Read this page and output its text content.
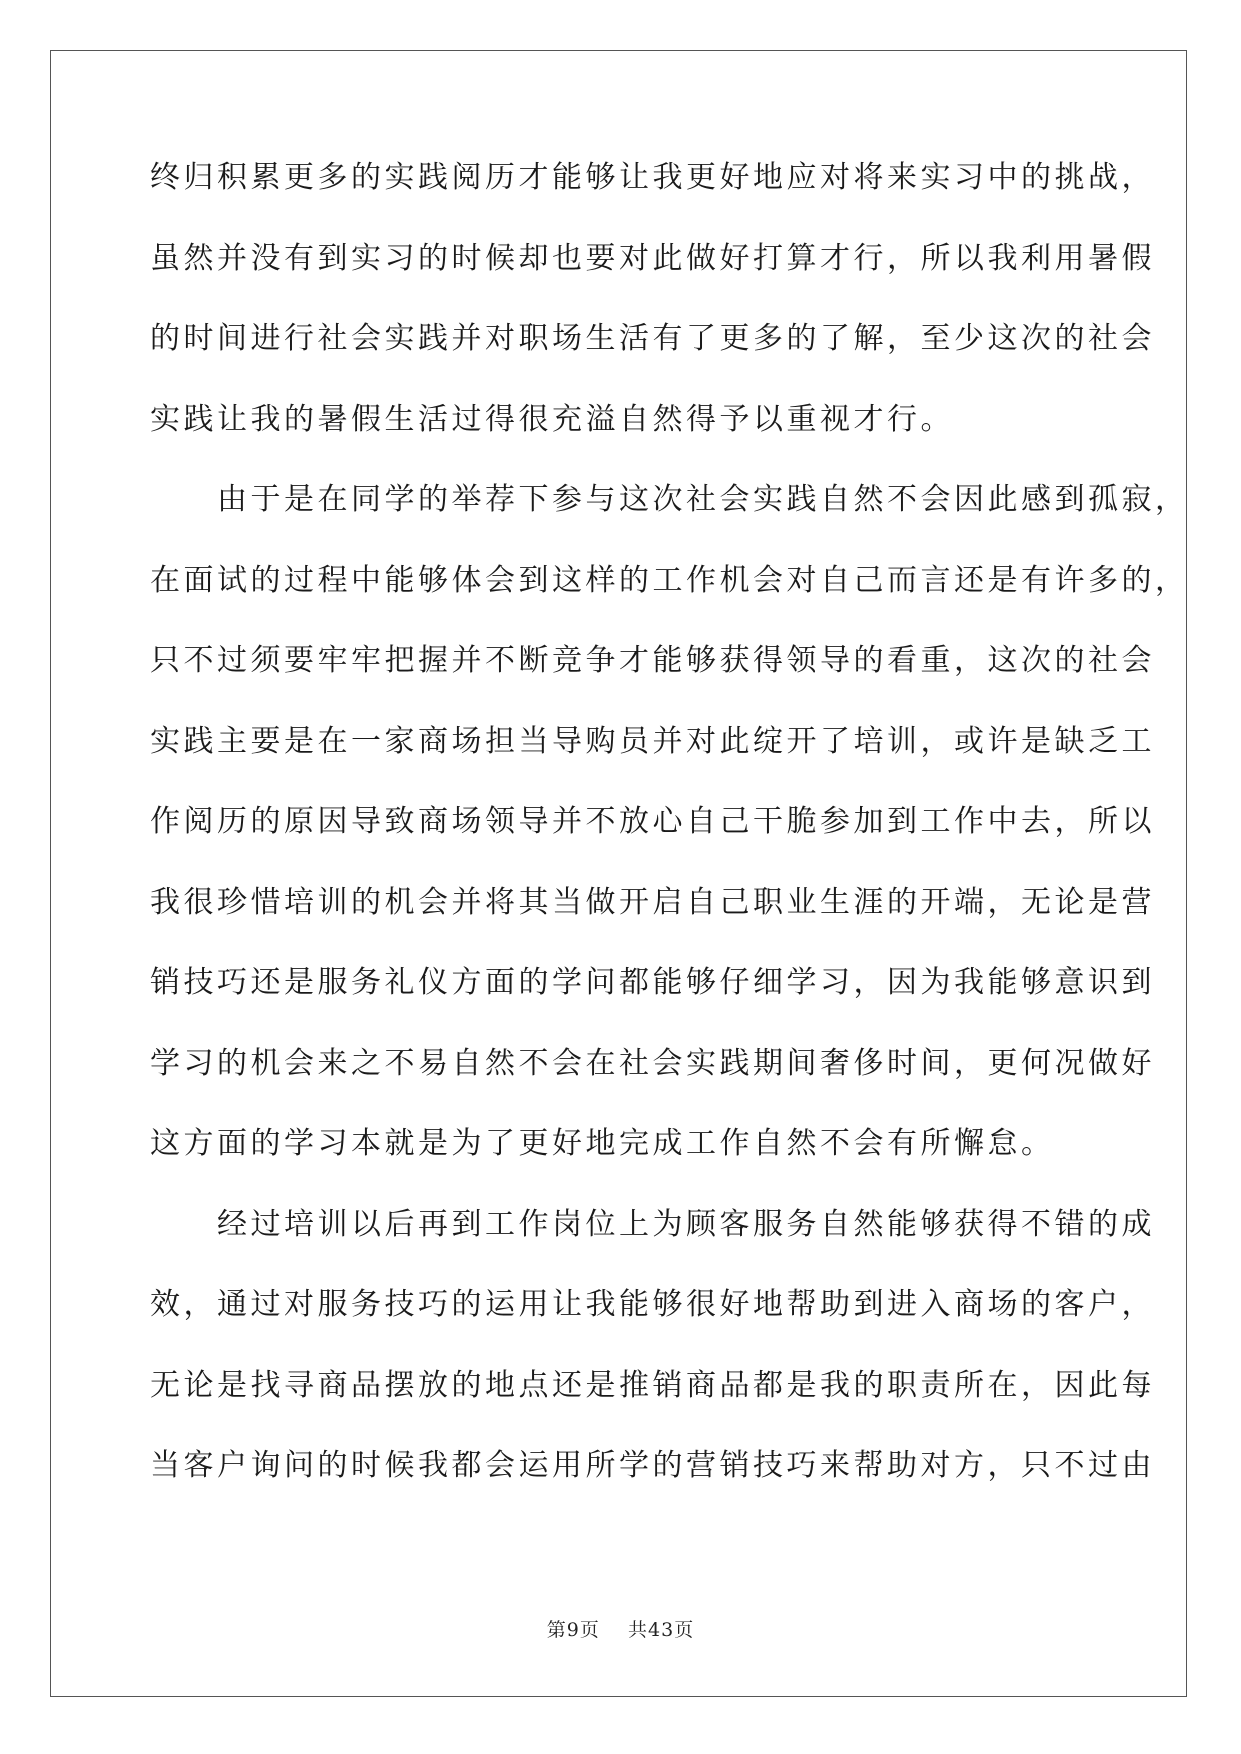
终归积累更多的实践阅历才能够让我更好地应对将来实习中的挑战，
虽然并没有到实习的时候却也要对此做好打算才行，所以我利用暑假
的时间进行社会实践并对职场生活有了更多的了解，至少这次的社会
实践让我的暑假生活过得很充溢自然得予以重视才行。
由于是在同学的举荐下参与这次社会实践自然不会因此感到孤寂，
在面试的过程中能够体会到这样的工作机会对自己而言还是有许多的，
只不过须要牢牢把握并不断竞争才能够获得领导的看重，这次的社会
实践主要是在一家商场担当导购员并对此绽开了培训，或许是缺乏工
作阅历的原因导致商场领导并不放心自己干脆参加到工作中去，所以
我很珍惜培训的机会并将其当做开启自己职业生涯的开端，无论是营
销技巧还是服务礼仪方面的学问都能够仔细学习，因为我能够意识到
学习的机会来之不易自然不会在社会实践期间奢侈时间，更何况做好
这方面的学习本就是为了更好地完成工作自然不会有所懈怠。
经过培训以后再到工作岗位上为顾客服务自然能够获得不错的成
效，通过对服务技巧的运用让我能够很好地帮助到进入商场的客户，
无论是找寻商品摆放的地点还是推销商品都是我的职责所在，因此每
当客户询问的时候我都会运用所学的营销技巧来帮助对方，只不过由
第9页 共43页
